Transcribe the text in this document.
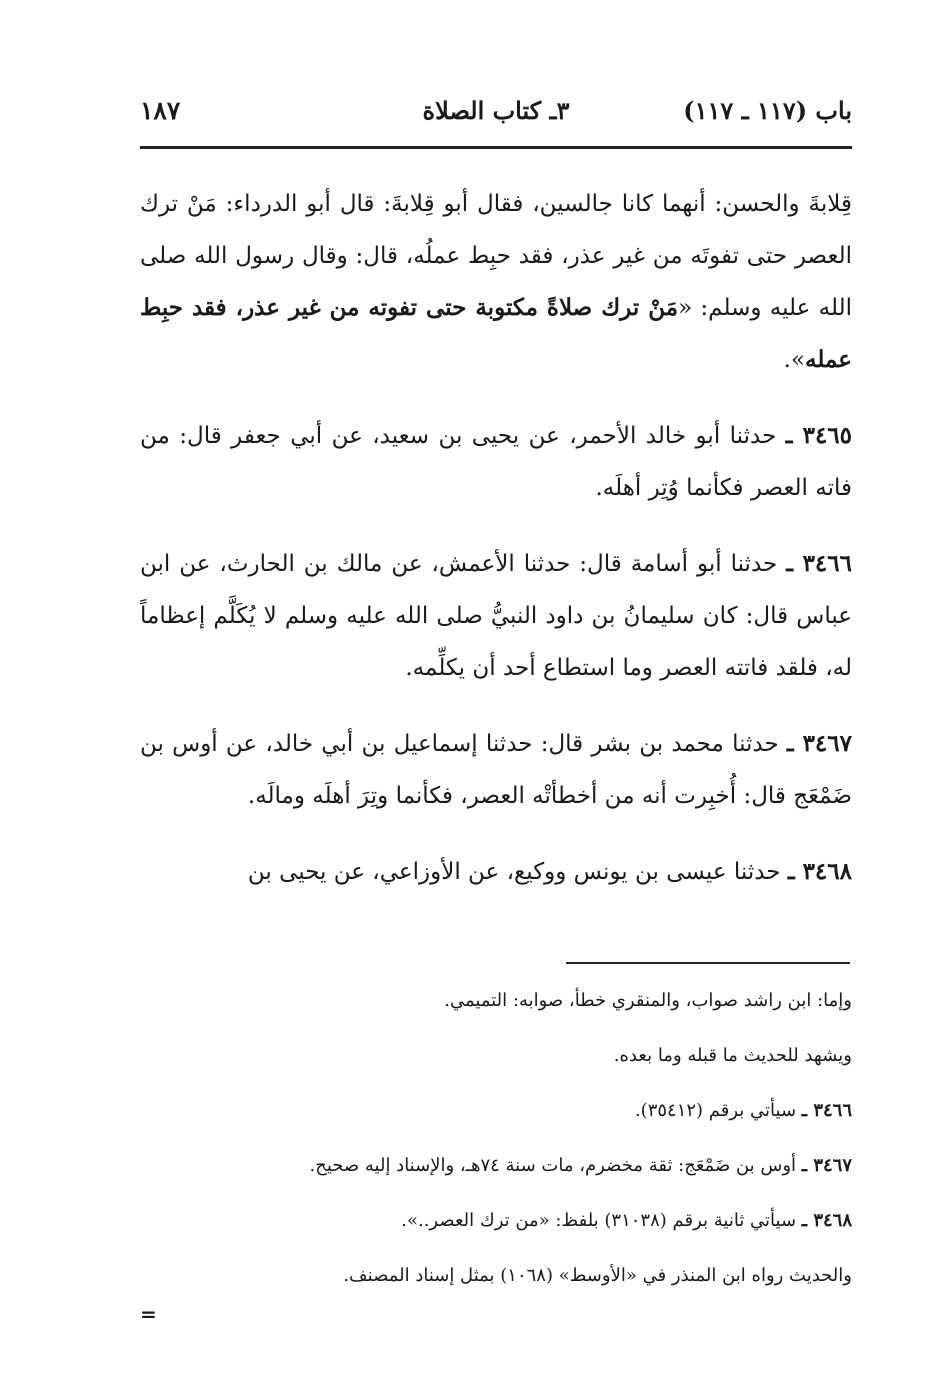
باب (١١٧ ـ ١١٧)
٣ـ كتاب الصلاة
١٨٧

قِلابةَ والحسن: أنهما كانا جالسين، فقال أبو قِلابةَ: قال أبو الدرداء: مَنْ ترك العصر حتى تفوتَه من غير عذر، فقد حبِط عملُه، قال: وقال رسول الله صلى الله عليه وسلم: «مَنْ ترك صلاةً مكتوبة حتى تفوته من غير عذر، فقد حبِط عمله».

٣٤٦٥ ـ حدثنا أبو خالد الأحمر، عن يحيى بن سعيد، عن أبي جعفر قال: من فاته العصر فكأنما وُتِر أهلَه.

٣٤٦٦ ـ حدثنا أبو أسامة قال: حدثنا الأعمش، عن مالك بن الحارث، عن ابن عباس قال: كان سليمانُ بن داود النبيُّ صلى الله عليه وسلم لا يُكَلَّم إعظاماً له، فلقد فاتته العصر وما استطاع أحد أن يكلِّمه.

٣٤٦٧ ـ حدثنا محمد بن بشر قال: حدثنا إسماعيل بن أبي خالد، عن أوس بن ضَمْعَج قال: أُخبِرت أنه من أخطأتْه العصر، فكأنما وتِرَ أهلَه ومالَه.

٣٤٦٨ ـ حدثنا عيسى بن يونس ووكيع، عن الأوزاعي، عن يحيى بن

وإما: ابن راشد صواب، والمنقري خطأ، صوابه: التميمي.

ويشهد للحديث ما قبله وما بعده.

٣٤٦٦ ـ سيأتي برقم (٣٥٤١٢).

٣٤٦٧ ـ أوس بن ضَمْعَج: ثقة مخضرم، مات سنة ٧٤هـ، والإسناد إليه صحيح.

٣٤٦٨ ـ سيأتي ثانية برقم (٣١٠٣٨) بلفظ: «من ترك العصر..».

والحديث رواه ابن المنذر في «الأوسط» (١٠٦٨) بمثل إسناد المصنف.

=
